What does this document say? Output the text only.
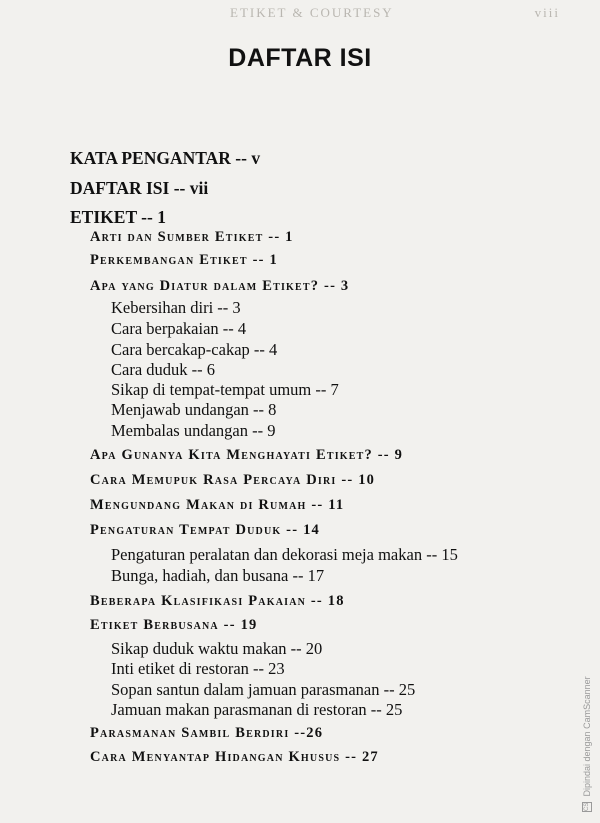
ETIKET & COURTESY	viii
DAFTAR ISI
KATA PENGANTAR -- v
DAFTAR ISI -- vii
ETIKET -- 1
Arti dan Sumber Etiket -- 1
Perkembangan Etiket -- 1
Apa yang Diatur dalam Etiket? -- 3
Kebersihan diri -- 3
Cara berpakaian -- 4
Cara bercakap-cakap -- 4
Cara duduk -- 6
Sikap di tempat-tempat umum -- 7
Menjawab undangan -- 8
Membalas undangan -- 9
Apa Gunanya Kita Menghayati Etiket? -- 9
Cara Memupuk Rasa Percaya Diri -- 10
Mengundang Makan di Rumah -- 11
Pengaturan Tempat Duduk -- 14
Pengaturan peralatan dan dekorasi meja makan -- 15
Bunga, hadiah, dan busana -- 17
Beberapa Klasifikasi Pakaian -- 18
Etiket Berbusana -- 19
Sikap duduk waktu makan -- 20
Inti etiket di restoran -- 23
Sopan santun dalam jamuan parasmanan -- 25
Jamuan makan parasmanan di restoran -- 25
Parasmanan Sambil Berdiri --26
Cara Menyantap Hidangan Khusus -- 27
CS Dipindai dengan CamScanner
